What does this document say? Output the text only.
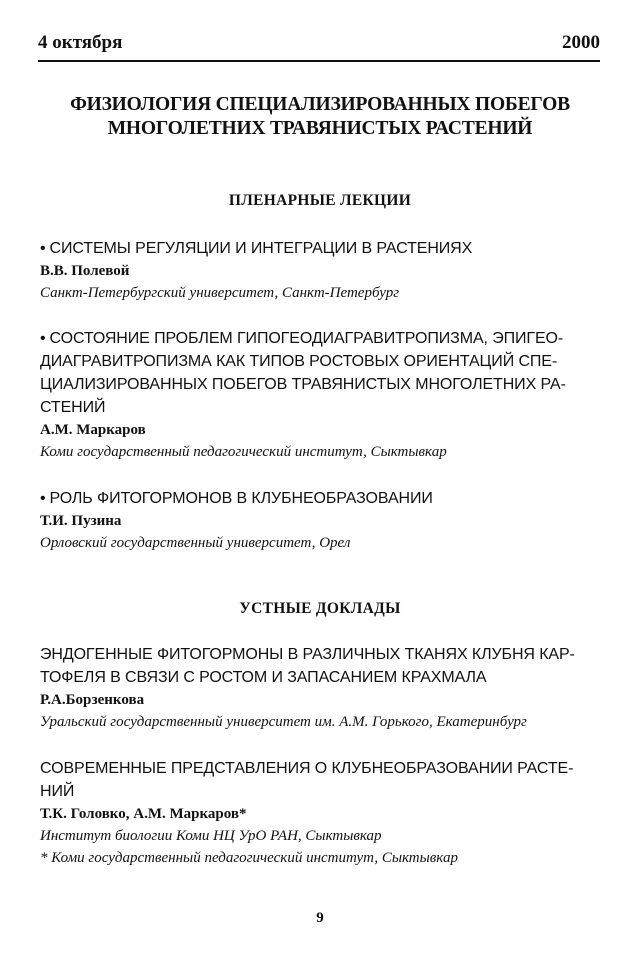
4 октября	2000
ФИЗИОЛОГИЯ СПЕЦИАЛИЗИРОВАННЫХ ПОБЕГОВ
МНОГОЛЕТНИХ ТРАВЯНИСТЫХ РАСТЕНИЙ
ПЛЕНАРНЫЕ ЛЕКЦИИ
• СИСТЕМЫ РЕГУЛЯЦИИ И ИНТЕГРАЦИИ В РАСТЕНИЯХ
В.В. Полевой
Санкт-Петербургский университет, Санкт-Петербург
• СОСТОЯНИЕ ПРОБЛЕМ ГИПОГЕОДИАГРАВИТРОПИЗМА, ЭПИГЕО-
ДИАГРАВИТРОПИЗМА КАК ТИПОВ РОСТОВЫХ ОРИЕНТАЦИЙ СПЕ-
ЦИАЛИЗИРОВАННЫХ ПОБЕГОВ ТРАВЯНИСТЫХ МНОГОЛЕТНИХ РА-
СТЕНИЙ
А.М. Маркаров
Коми государственный педагогический институт, Сыктывкар
• РОЛЬ ФИТОГОРМОНОВ В КЛУБНЕОБРАЗОВАНИИ
Т.И. Пузина
Орловский государственный университет, Орел
УСТНЫЕ ДОКЛАДЫ
ЭНДОГЕННЫЕ ФИТОГОРМОНЫ В РАЗЛИЧНЫХ ТКАНЯХ КЛУБНЯ КАР-
ТОФЕЛЯ В СВЯЗИ С РОСТОМ И ЗАПАСАНИЕМ КРАХМАЛА
Р.А.Борзенкова
Уральский государственный университет им. А.М. Горького, Екатеринбург
СОВРЕМЕННЫЕ ПРЕДСТАВЛЕНИЯ О КЛУБНЕОБРАЗОВАНИИ РАСТЕ-
НИЙ
Т.К. Головко, А.М. Маркаров*
Институт биологии Коми НЦ УрО РАН, Сыктывкар
* Коми государственный педагогический институт, Сыктывкар
9
